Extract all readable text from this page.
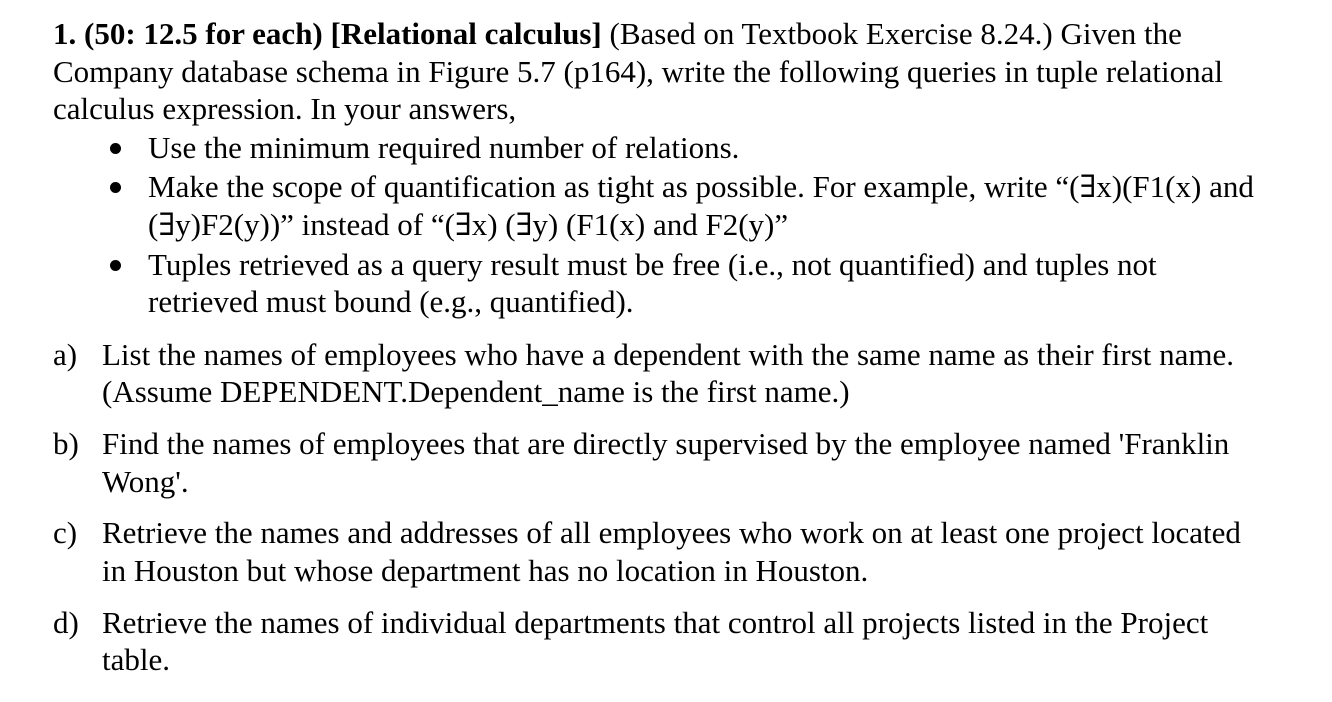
1. (50: 12.5 for each) [Relational calculus] (Based on Textbook Exercise 8.24.) Given the
Company database schema in Figure 5.7 (p164), write the following queries in tuple relational
calculus expression. In your answers,
Use the minimum required number of relations.
Make the scope of quantification as tight as possible. For example, write “(∃x)(F1(x) and
(∃y)F2(y))” instead of “(∃x) (∃y) (F1(x) and F2(y)”
Tuples retrieved as a query result must be free (i.e., not quantified) and tuples not
retrieved must bound (e.g., quantified).
a) List the names of employees who have a dependent with the same name as their first name.
(Assume DEPENDENT.Dependent_name is the first name.)
b) Find the names of employees that are directly supervised by the employee named 'Franklin
Wong'.
c) Retrieve the names and addresses of all employees who work on at least one project located
in Houston but whose department has no location in Houston.
d) Retrieve the names of individual departments that control all projects listed in the Project
table.
